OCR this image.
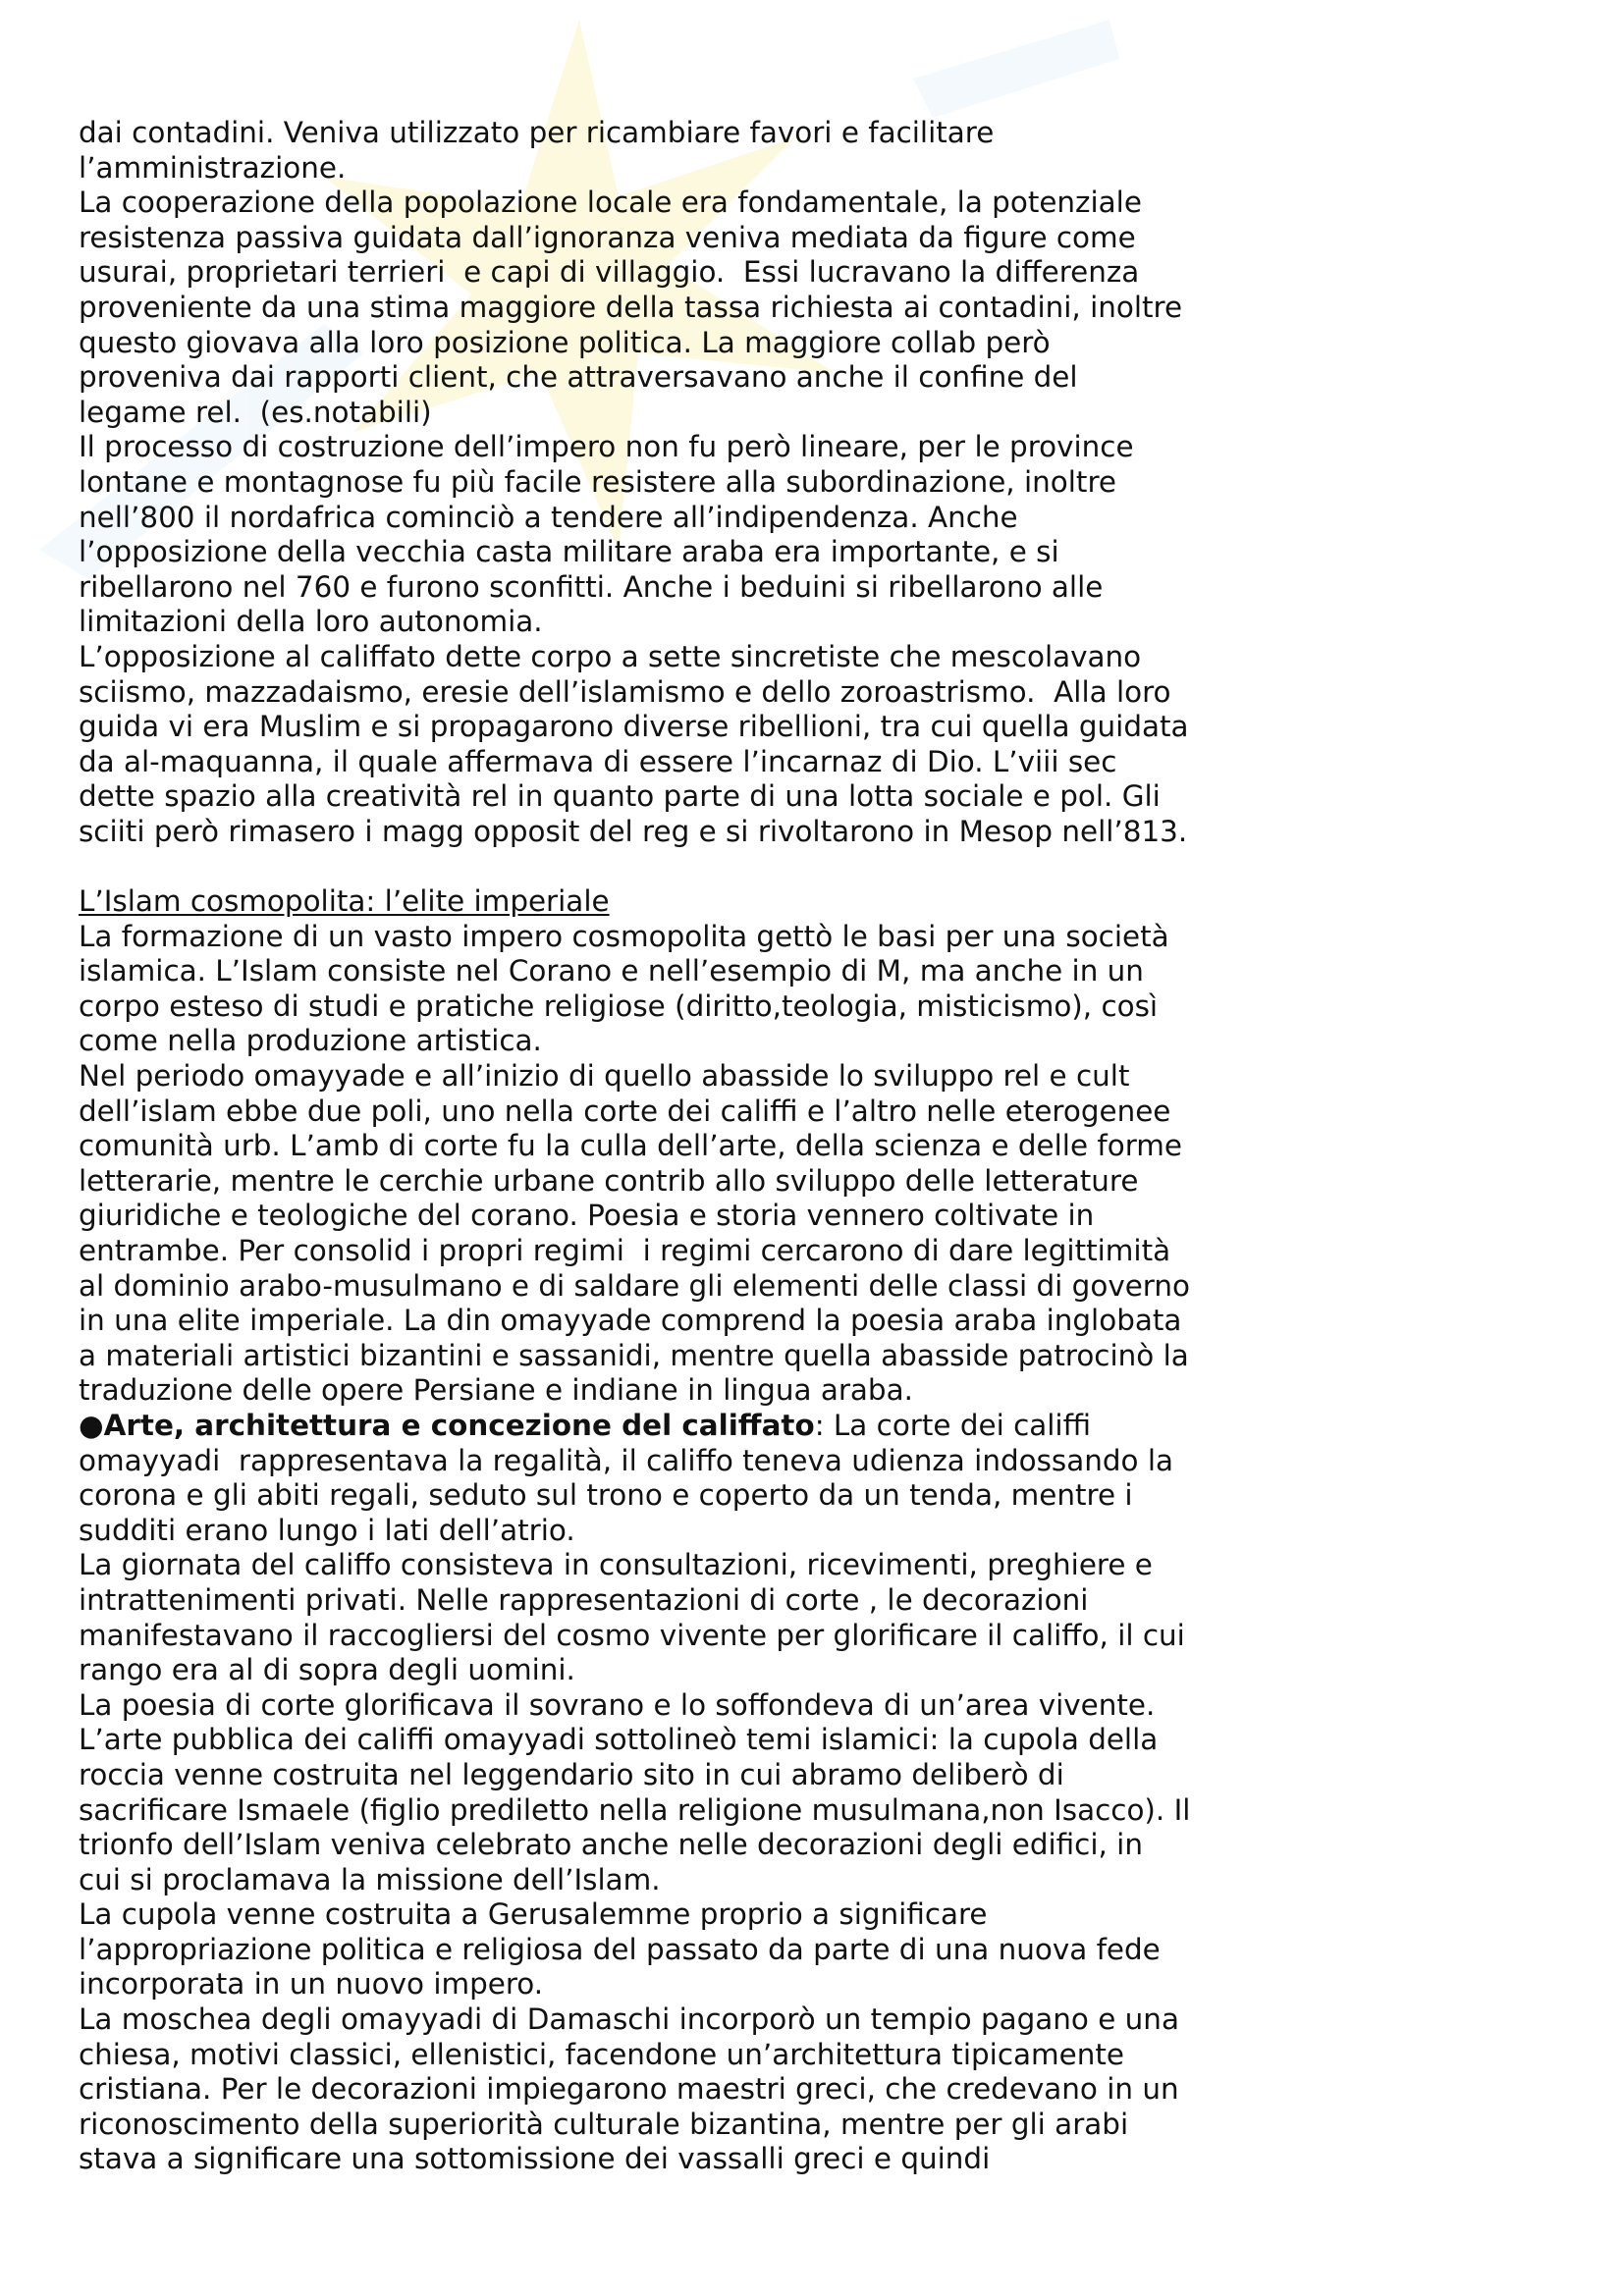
dai contadini. Veniva utilizzato per ricambiare favori e facilitare
l’amministrazione.
La cooperazione della popolazione locale era fondamentale, la potenziale
resistenza passiva guidata dall’ignoranza veniva mediata da figure come
usurai, proprietari terrieri  e capi di villaggio.  Essi lucravano la differenza
proveniente da una stima maggiore della tassa richiesta ai contadini, inoltre
questo giovava alla loro posizione politica. La maggiore collab però
proveniva dai rapporti client, che attraversavano anche il confine del
legame rel.  (es.notabili)
Il processo di costruzione dell’impero non fu però lineare, per le province
lontane e montagnose fu più facile resistere alla subordinazione, inoltre
nell’800 il nordafrica cominciò a tendere all’indipendenza. Anche
l’opposizione della vecchia casta militare araba era importante, e si
ribellarono nel 760 e furono sconfitti. Anche i beduini si ribellarono alle
limitazioni della loro autonomia.
L’opposizione al califfato dette corpo a sette sincretiste che mescolavano
sciismo, mazzadaismo, eresie dell’islamismo e dello zoroastrismo.  Alla loro
guida vi era Muslim e si propagarono diverse ribellioni, tra cui quella guidata
da al-maquanna, il quale affermava di essere l’incarnaz di Dio. L’viii sec
dette spazio alla creatività rel in quanto parte di una lotta sociale e pol. Gli
sciiti però rimasero i magg opposit del reg e si rivoltarono in Mesop nell’813.
L’Islam cosmopolita: l’elite imperiale
La formazione di un vasto impero cosmopolita gettò le basi per una società
islamica. L’Islam consiste nel Corano e nell’esempio di M, ma anche in un
corpo esteso di studi e pratiche religiose (diritto,teologia, misticismo), così
come nella produzione artistica.
Nel periodo omayyade e all’inizio di quello abasside lo sviluppo rel e cult
dell’islam ebbe due poli, uno nella corte dei califfi e l’altro nelle eterogenee
comunità urb. L’amb di corte fu la culla dell’arte, della scienza e delle forme
letterarie, mentre le cerchie urbane contrib allo sviluppo delle letterature
giuridiche e teologiche del corano. Poesia e storia vennero coltivate in
entrambe. Per consolid i propri regimi  i regimi cercarono di dare legittimità
al dominio arabo-musulmano e di saldare gli elementi delle classi di governo
in una elite imperiale. La din omayyade comprend la poesia araba inglobata
a materiali artistici bizantini e sassanidi, mentre quella abasside patrocinò la
traduzione delle opere Persiane e indiane in lingua araba.
●Arte, architettura e concezione del califfato: La corte dei califfi
omayyadi  rappresentava la regalità, il califfo teneva udienza indossando la
corona e gli abiti regali, seduto sul trono e coperto da un tenda, mentre i
sudditi erano lungo i lati dell’atrio.
La giornata del califfo consisteva in consultazioni, ricevimenti, preghiere e
intrattenimenti privati. Nelle rappresentazioni di corte , le decorazioni
manifestavano il raccogliersi del cosmo vivente per glorificare il califfo, il cui
rango era al di sopra degli uomini.
La poesia di corte glorificava il sovrano e lo soffondeva di un’area vivente.
L’arte pubblica dei califfi omayyadi sottolineò temi islamici: la cupola della
roccia venne costruita nel leggendario sito in cui abramo deliberò di
sacrificare Ismaele (figlio prediletto nella religione musulmana,non Isacco). Il
trionfo dell’Islam veniva celebrato anche nelle decorazioni degli edifici, in
cui si proclamava la missione dell’Islam.
La cupola venne costruita a Gerusalemme proprio a significare
l’appropriazione politica e religiosa del passato da parte di una nuova fede
incorporata in un nuovo impero.
La moschea degli omayyadi di Damaschi incorporò un tempio pagano e una
chiesa, motivi classici, ellenistici, facendone un’architettura tipicamente
cristiana. Per le decorazioni impiegarono maestri greci, che credevano in un
riconoscimento della superiorità culturale bizantina, mentre per gli arabi
stava a significare una sottomissione dei vassalli greci e quindi
